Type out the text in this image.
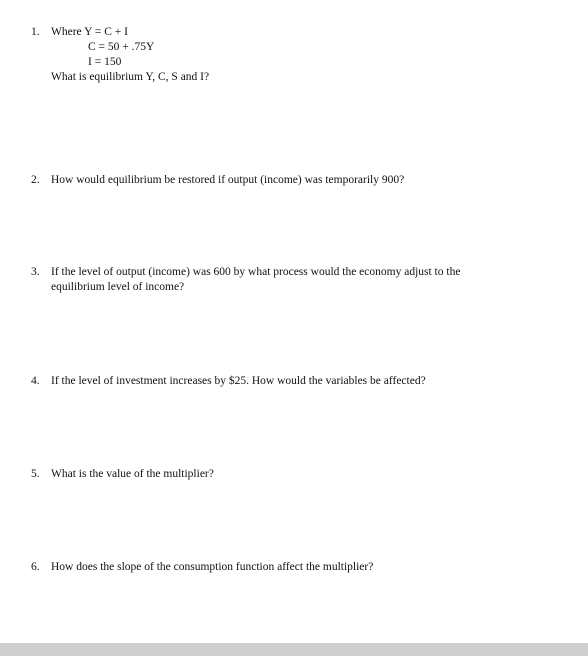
1. Where Y = C + I
C = 50 + .75Y
I = 150
What is equilibrium Y, C, S and I?
2. How would equilibrium be restored if output (income) was temporarily 900?
3. If the level of output (income) was 600 by what process would the economy adjust to the equilibrium level of income?
4. If the level of investment increases by $25. How would the variables be affected?
5. What is the value of the multiplier?
6. How does the slope of the consumption function affect the multiplier?
